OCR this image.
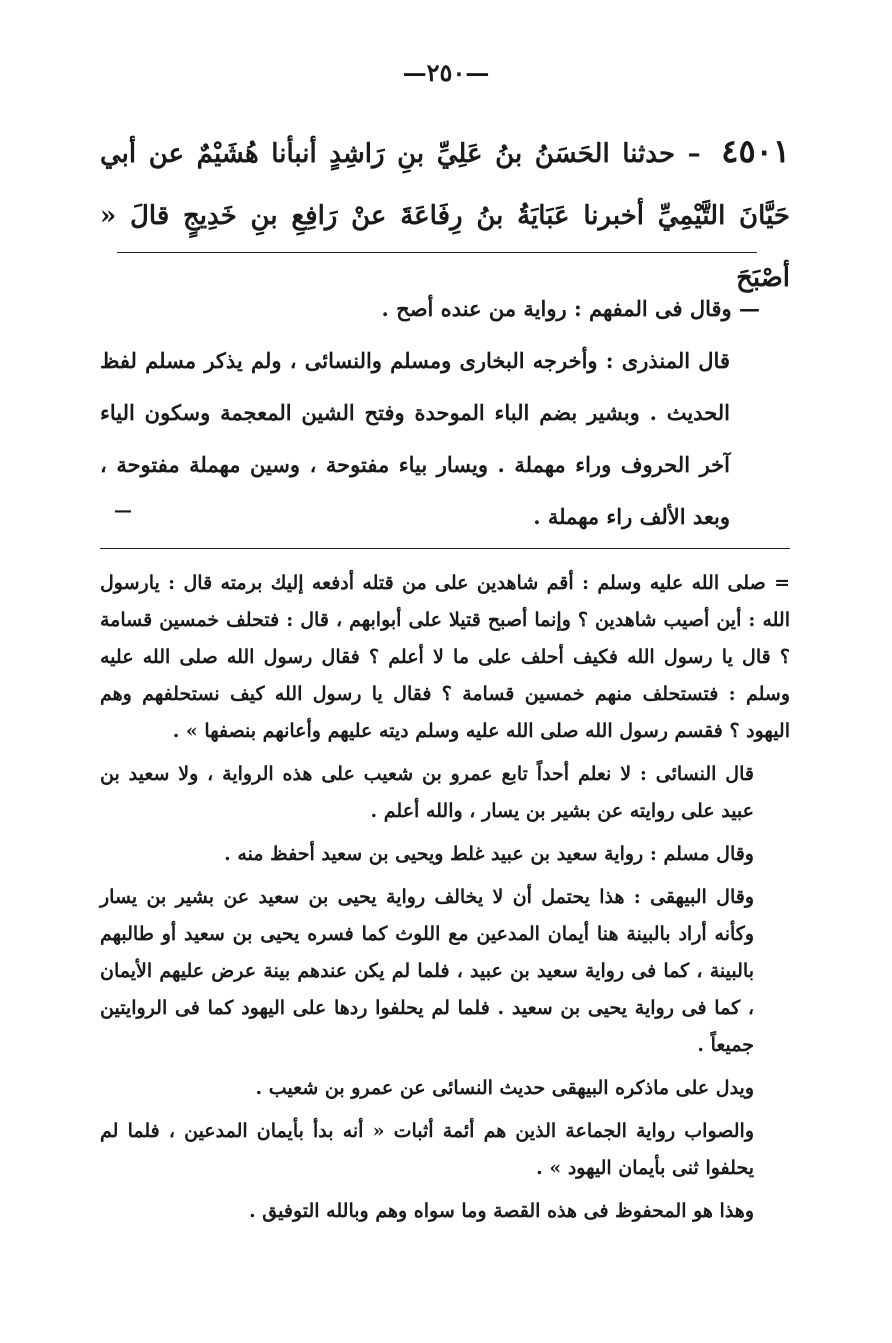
—٢٥٠—
٤٥٠١ – حدثنا الحَسَنُ بنُ عَلِيِّ بنِ رَاشِدٍ أنبأنا هُشَيْمٌ عن أبي حَيَّانَ التَّيْمِيِّ أخبرنا عَبَايَةُ بنُ رِفَاعَةَ عنْ رَافِعِ بنِ خَدِيجٍ قالَ « أصْبَحَ

— وقال فى المفهم : رواية من عنده أصح .

قال المنذرى : وأخرجه البخارى ومسلم والنسائى ، ولم يذكر مسلم لفظ الحديث . وبشير بضم الباء الموحدة وفتح الشين المعجمة وسكون الياء آخر الحروف وراء مهملة . ويسار بياء مفتوحة ، وسين مهملة مفتوحة ، وبعد الألف راء مهملة .

—

= صلى الله عليه وسلم : أقم شاهدين على من قتله أدفعه إليك برمته قال : يارسول الله : أين أصيب شاهدين ؟ وإنما أصبح قتيلا على أبوابهم ، قال : فتحلف خمسين قسامة ؟ قال يا رسول الله فكيف أحلف على ما لا أعلم ؟ فقال رسول الله صلى الله عليه وسلم : فتستحلف منهم خمسين قسامة ؟ فقال يا رسول الله كيف نستحلفهم وهم اليهود ؟ فقسم رسول الله صلى الله عليه وسلم ديته عليهم وأعانهم بنصفها » .

قال النسائى : لا نعلم أحداً تابع عمرو بن شعيب على هذه الرواية ، ولا سعيد بن عبيد على روايته عن بشير بن يسار ، والله أعلم .

وقال مسلم : رواية سعيد بن عبيد غلط ويحيى بن سعيد أحفظ منه .

وقال البيهقى : هذا يحتمل أن لا يخالف رواية يحيى بن سعيد عن بشير بن يسار وكأنه أراد بالبينة هنا أيمان المدعين مع اللوث كما فسره يحيى بن سعيد أو طالبهم بالبينة ، كما فى رواية سعيد بن عبيد ، فلما لم يكن عندهم بينة عرض عليهم الأيمان ، كما فى رواية يحيى بن سعيد . فلما لم يحلفوا ردها على اليهود كما فى الروايتين جميعاً .

ويدل على ماذكره البيهقى حديث النسائى عن عمرو بن شعيب .

والصواب رواية الجماعة الذين هم أئمة أثبات « أنه بدأ بأيمان المدعين ، فلما لم يحلفوا ثنى بأيمان اليهود » .

وهذا هو المحفوظ فى هذه القصة وما سواه وهم وبالله التوفيق .
